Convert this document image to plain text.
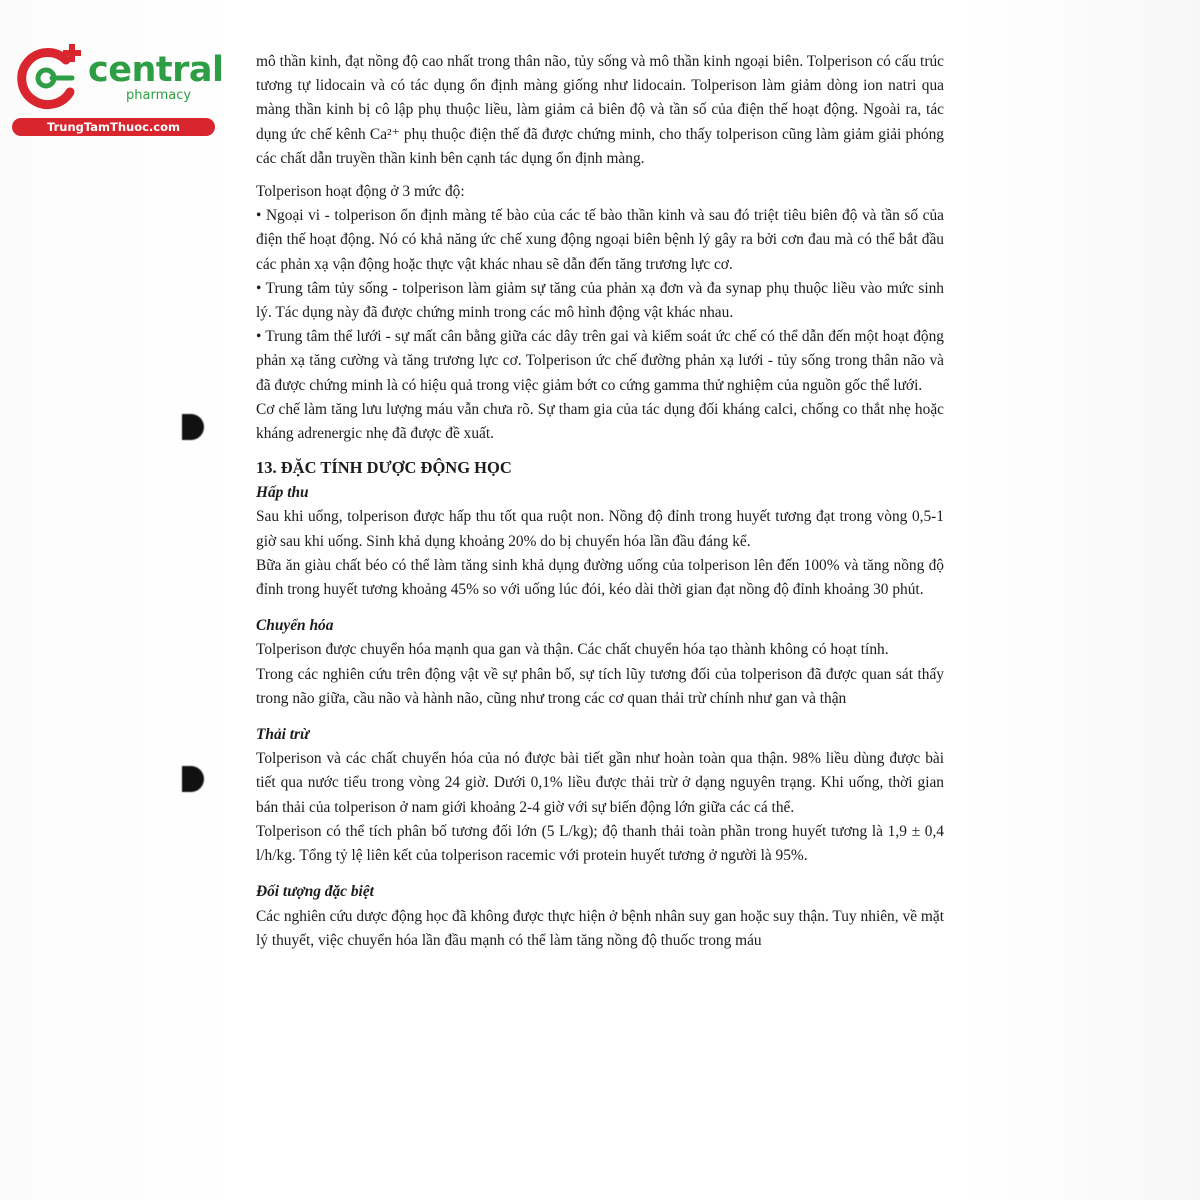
central
pharmacy
TrungTamThuoc.com

mô thần kinh, đạt nồng độ cao nhất trong thân não, tủy sống và mô thần kinh ngoại biên. Tolperison có cấu trúc tương tự lidocain và có tác dụng ổn định màng giống như lidocain. Tolperison làm giảm dòng ion natri qua màng thần kinh bị cô lập phụ thuộc liều, làm giảm cả biên độ và tần số của điện thế hoạt động. Ngoài ra, tác dụng ức chế kênh Ca²⁺ phụ thuộc điện thế đã được chứng minh, cho thấy tolperison cũng làm giảm giải phóng các chất dẫn truyền thần kinh bên cạnh tác dụng ổn định màng.

Tolperison hoạt động ở 3 mức độ:

• Ngoại vi - tolperison ổn định màng tế bào của các tế bào thần kinh và sau đó triệt tiêu biên độ và tần số của điện thế hoạt động. Nó có khả năng ức chế xung động ngoại biên bệnh lý gây ra bởi cơn đau mà có thể bắt đầu các phản xạ vận động hoặc thực vật khác nhau sẽ dẫn đến tăng trương lực cơ.

• Trung tâm tủy sống - tolperison làm giảm sự tăng của phản xạ đơn và đa synap phụ thuộc liều vào mức sinh lý. Tác dụng này đã được chứng minh trong các mô hình động vật khác nhau.

• Trung tâm thể lưới - sự mất cân bằng giữa các dây trên gai và kiểm soát ức chế có thể dẫn đến một hoạt động phản xạ tăng cường và tăng trương lực cơ. Tolperison ức chế đường phản xạ lưới - tủy sống trong thân não và đã được chứng minh là có hiệu quả trong việc giảm bớt co cứng gamma thử nghiệm của nguồn gốc thể lưới.

Cơ chế làm tăng lưu lượng máu vẫn chưa rõ. Sự tham gia của tác dụng đối kháng calci, chống co thắt nhẹ hoặc kháng adrenergic nhẹ đã được đề xuất.

13. ĐẶC TÍNH DƯỢC ĐỘNG HỌC

Hấp thu

Sau khi uống, tolperison được hấp thu tốt qua ruột non. Nồng độ đỉnh trong huyết tương đạt trong vòng 0,5-1 giờ sau khi uống. Sinh khả dụng khoảng 20% do bị chuyển hóa lần đầu đáng kể.

Bữa ăn giàu chất béo có thể làm tăng sinh khả dụng đường uống của tolperison lên đến 100% và tăng nồng độ đỉnh trong huyết tương khoảng 45% so với uống lúc đói, kéo dài thời gian đạt nồng độ đỉnh khoảng 30 phút.

Chuyển hóa

Tolperison được chuyển hóa mạnh qua gan và thận. Các chất chuyển hóa tạo thành không có hoạt tính.

Trong các nghiên cứu trên động vật về sự phân bố, sự tích lũy tương đối của tolperison đã được quan sát thấy trong não giữa, cầu não và hành não, cũng như trong các cơ quan thải trừ chính như gan và thận

Thải trừ

Tolperison và các chất chuyển hóa của nó được bài tiết gần như hoàn toàn qua thận. 98% liều dùng được bài tiết qua nước tiểu trong vòng 24 giờ. Dưới 0,1% liều được thải trừ ở dạng nguyên trạng. Khi uống, thời gian bán thải của tolperison ở nam giới khoảng 2-4 giờ với sự biến động lớn giữa các cá thể.

Tolperison có thể tích phân bố tương đối lớn (5 L/kg); độ thanh thải toàn phần trong huyết tương là 1,9 ± 0,4 l/h/kg. Tổng tỷ lệ liên kết của tolperison racemic với protein huyết tương ở người là 95%.

Đối tượng đặc biệt

Các nghiên cứu dược động học đã không được thực hiện ở bệnh nhân suy gan hoặc suy thận. Tuy nhiên, về mặt lý thuyết, việc chuyển hóa lần đầu mạnh có thể làm tăng nồng độ thuốc trong máu
